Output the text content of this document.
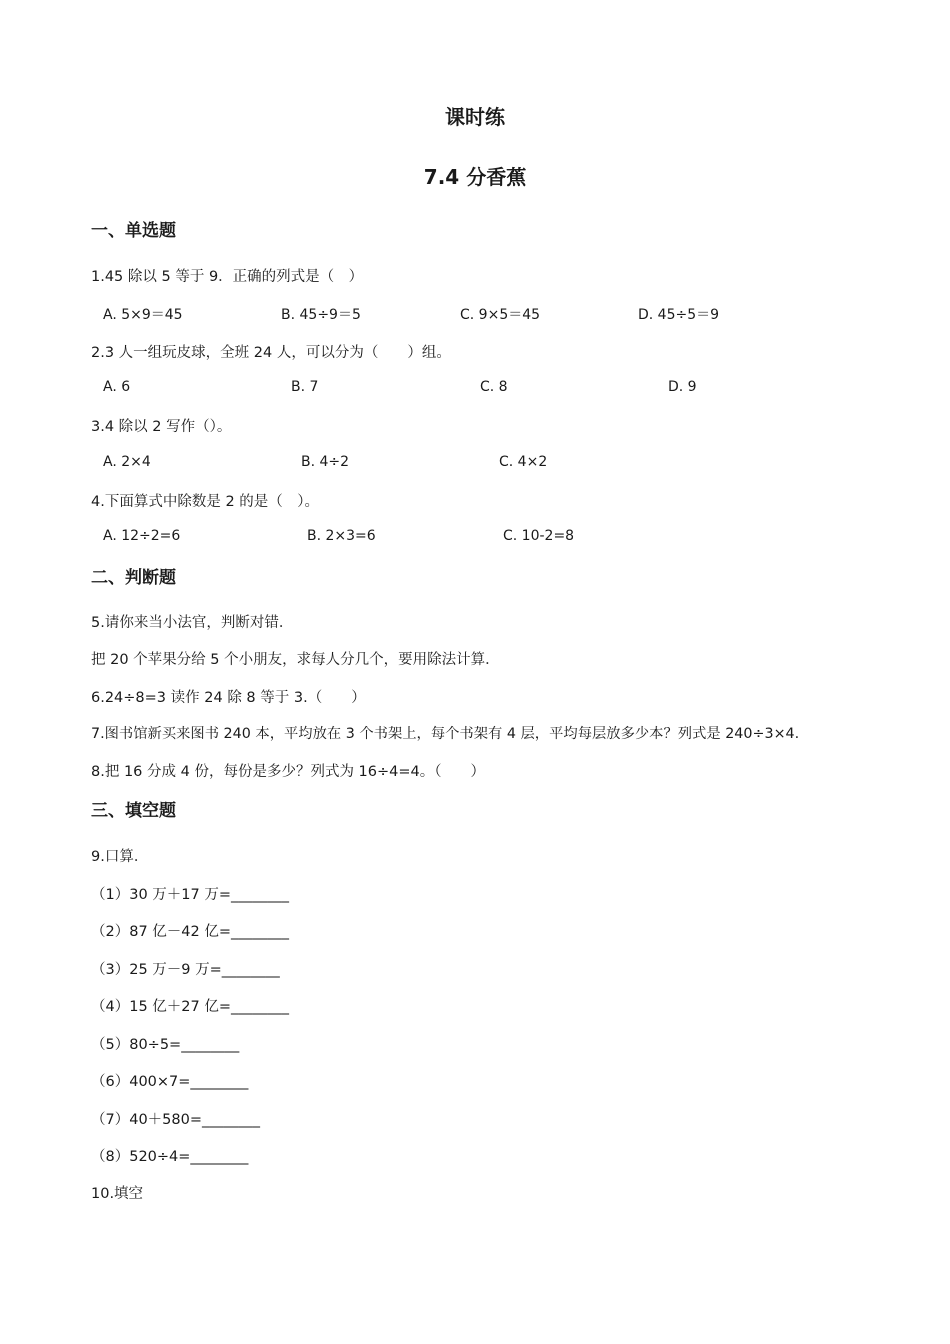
课时练
7.4 分香蕉
一、单选题
1.45 除以 5 等于 9．正确的列式是（　）
A. 5×9＝45	B. 45÷9＝5	C. 9×5＝45	D. 45÷5＝9
2.3 人一组玩皮球，全班 24 人，可以分为（　　）组。
A. 6	B. 7	C. 8	D. 9
3.4 除以 2 写作（）。
A. 2×4	B. 4÷2	C. 4×2
4.下面算式中除数是 2 的是（　）。
A. 12÷2=6	B. 2×3=6	C. 10-2=8
二、判断题
5.请你来当小法官，判断对错．
把 20 个苹果分给 5 个小朋友，求每人分几个，要用除法计算．
6.24÷8=3 读作 24 除 8 等于 3.（　　）
7.图书馆新买来图书 240 本，平均放在 3 个书架上，每个书架有 4 层，平均每层放多少本？列式是 240÷3×4.
8.把 16 分成 4 份，每份是多少？列式为 16÷4=4。（　　）
三、填空题
9.口算．
（1）30 万＋17 万=________
（2）87 亿－42 亿=________
（3）25 万－9 万=________
（4）15 亿＋27 亿=________
（5）80÷5=________
（6）400×7=________
（7）40＋580=________
（8）520÷4=________
10.填空
